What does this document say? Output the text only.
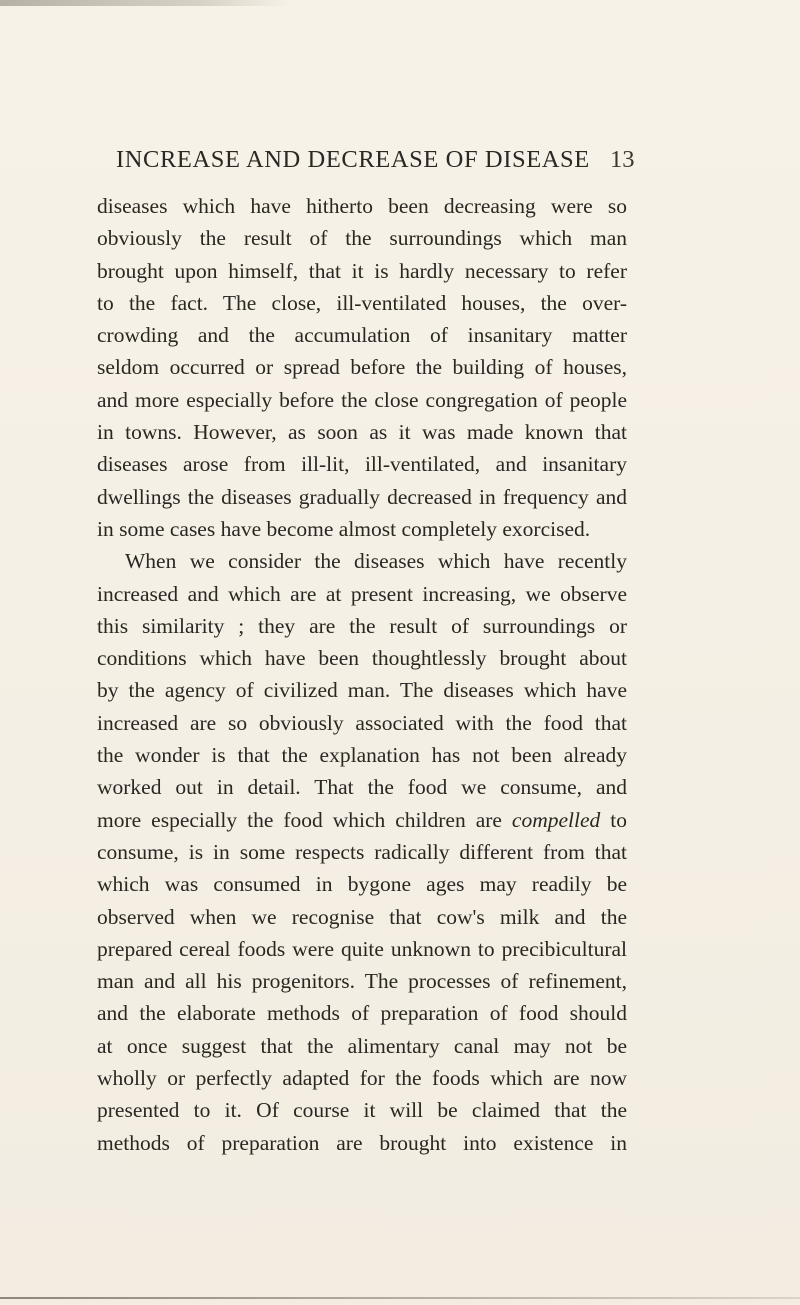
INCREASE AND DECREASE OF DISEASE 13
diseases which have hitherto been decreasing were so
obviously the result of the surroundings which man
brought upon himself, that it is hardly necessary to refer
to the fact. The close, ill-ventilated houses, the over-
crowding and the accumulation of insanitary matter
seldom occurred or spread before the building of houses,
and more especially before the close congregation of people
in towns. However, as soon as it was made known that
diseases arose from ill-lit, ill-ventilated, and insanitary
dwellings the diseases gradually decreased in frequency and
in some cases have become almost completely exorcised.
When we consider the diseases which have recently
increased and which are at present increasing, we observe
this similarity ; they are the result of surroundings or
conditions which have been thoughtlessly brought about
by the agency of civilized man. The diseases which have
increased are so obviously associated with the food that
the wonder is that the explanation has not been already
worked out in detail. That the food we consume, and
more especially the food which children are compelled to
consume, is in some respects radically different from that
which was consumed in bygone ages may readily be
observed when we recognise that cow's milk and the
prepared cereal foods were quite unknown to precibicultural
man and all his progenitors. The processes of refinement,
and the elaborate methods of preparation of food should
at once suggest that the alimentary canal may not be
wholly or perfectly adapted for the foods which are now
presented to it. Of course it will be claimed that the
methods of preparation are brought into existence in
